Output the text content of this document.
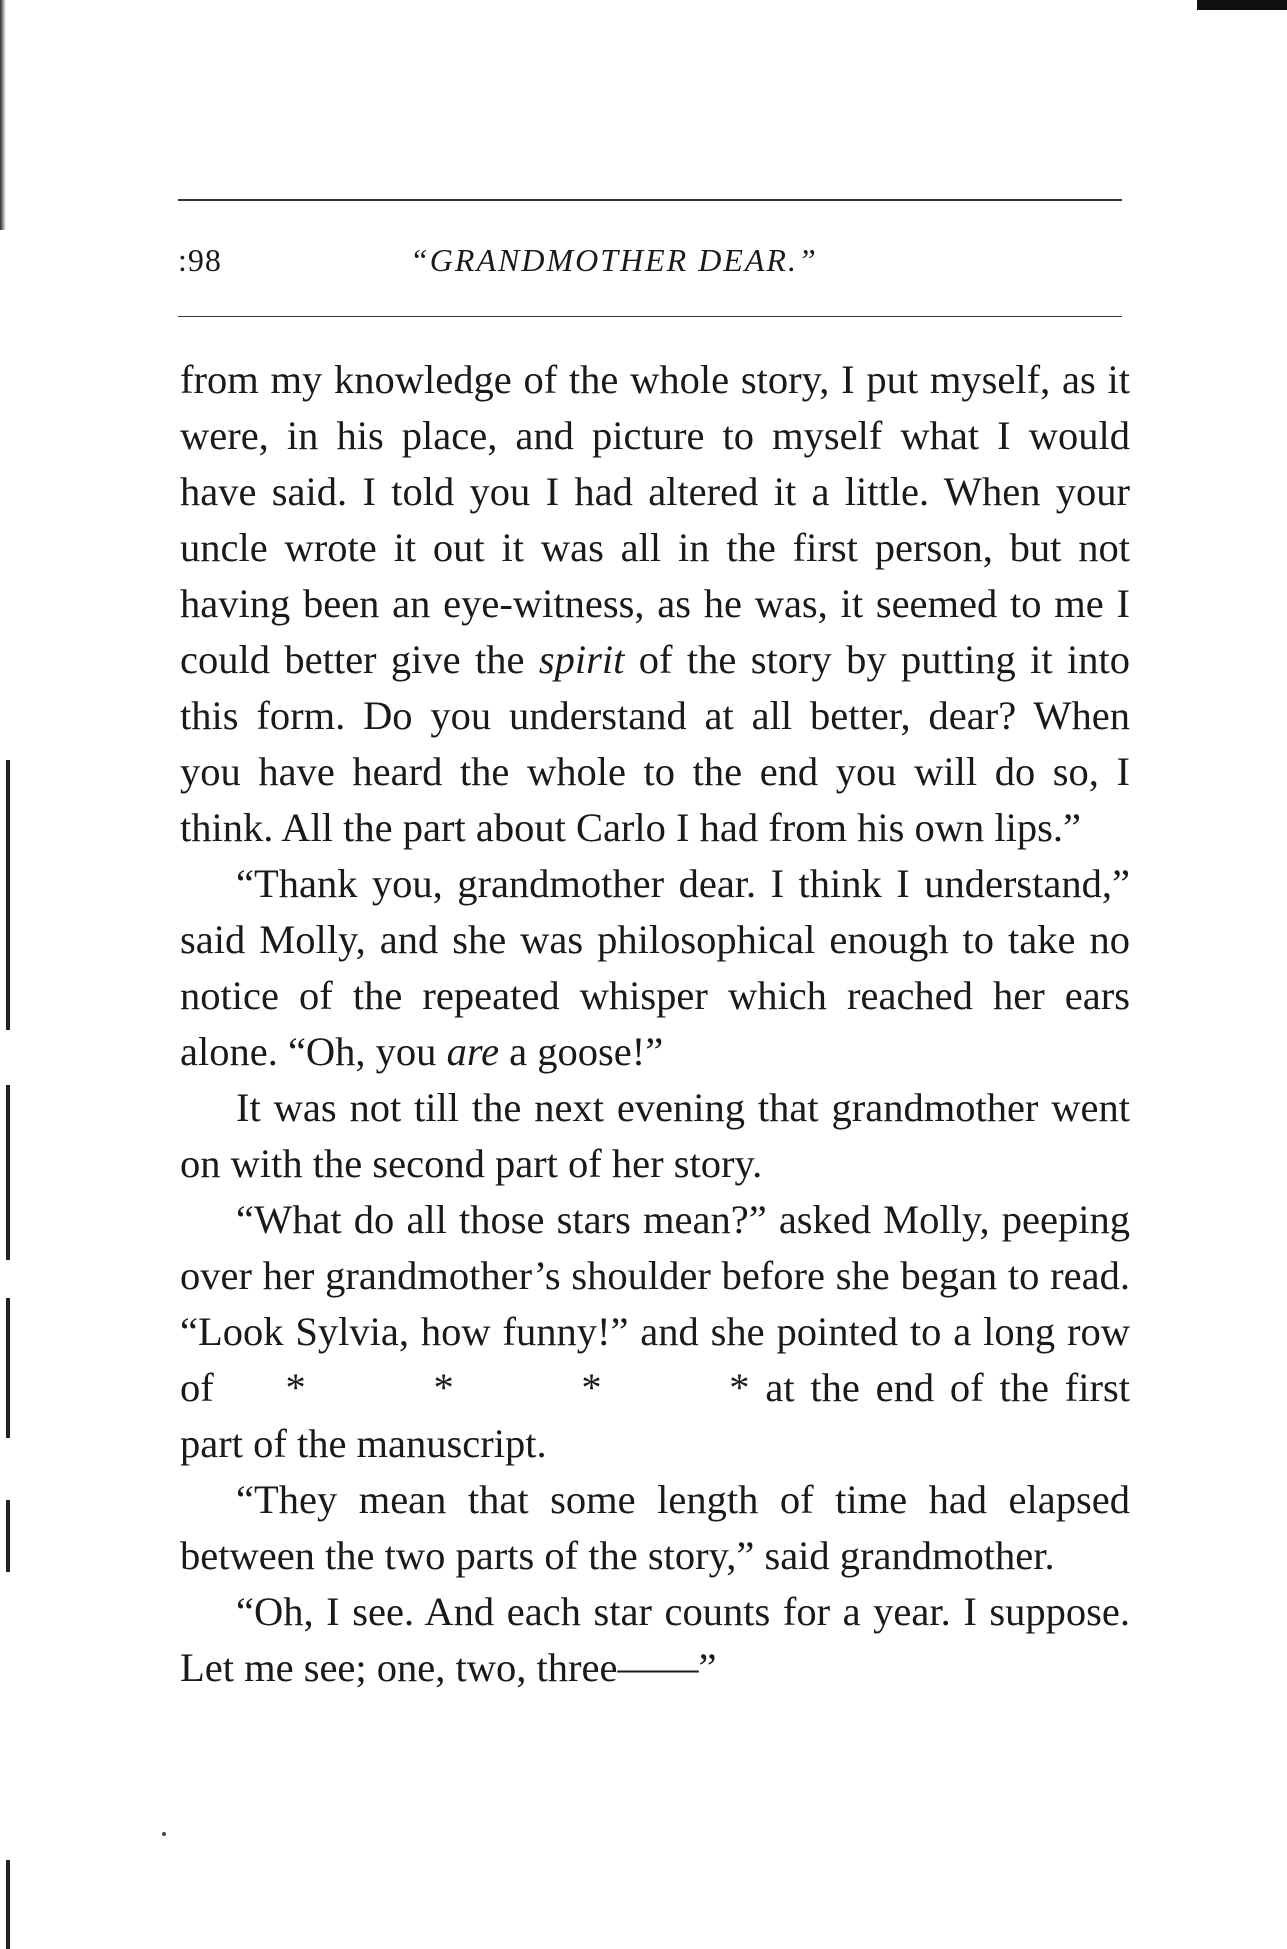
:98	“GRANDMOTHER DEAR.”

from my knowledge of the whole story, I put myself, as it were, in his place, and picture to myself what I would have said. I told you I had altered it a little. When your uncle wrote it out it was all in the first person, but not having been an eye-witness, as he was, it seemed to me I could better give the spirit of the story by putting it into this form. Do you understand at all better, dear? When you have heard the whole to the end you will do so, I think. All the part about Carlo I had from his own lips.”

“Thank you, grandmother dear. I think I understand,” said Molly, and she was philosophical enough to take no notice of the repeated whisper which reached her ears alone. “Oh, you are a goose!”

It was not till the next evening that grandmother went on with the second part of her story.

“What do all those stars mean?” asked Molly, peeping over her grandmother’s shoulder before she began to read. “Look Sylvia, how funny!” and she pointed to a long row of * * * * at the end of the first part of the manuscript.

“They mean that some length of time had elapsed between the two parts of the story,” said grandmother.

“Oh, I see. And each star counts for a year. I suppose. Let me see; one, two, three——”
